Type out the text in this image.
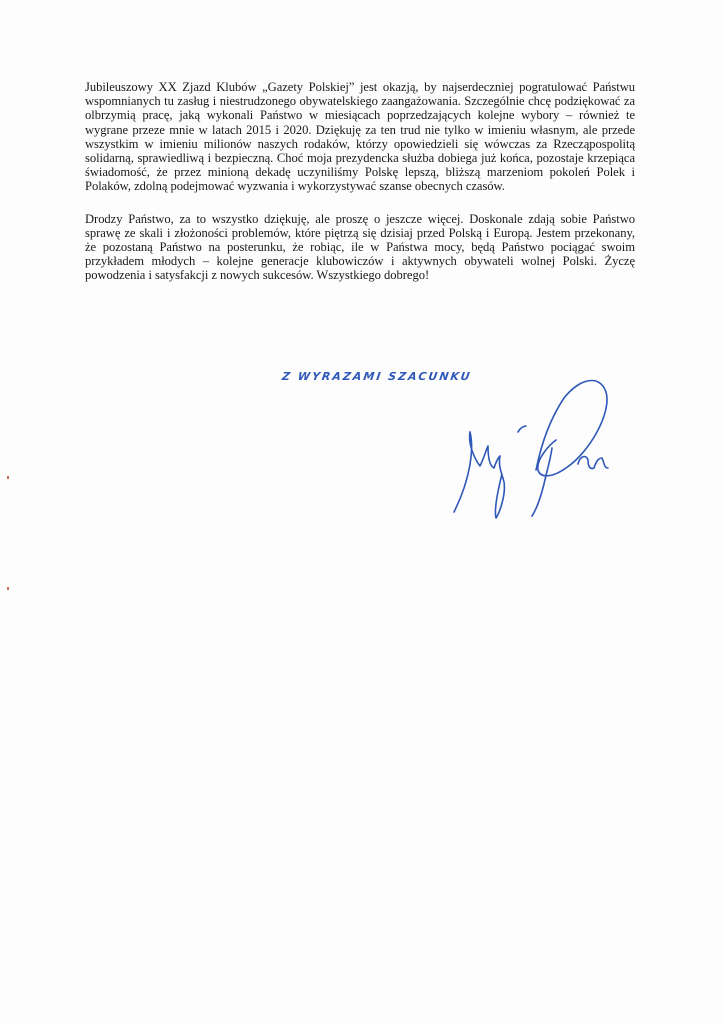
Jubileuszowy XX Zjazd Klubów „Gazety Polskiej” jest okazją, by najserdeczniej pogratulować Państwu wspomnianych tu zasług i niestrudzonego obywatelskiego zaangażowania. Szczególnie chcę podziękować za olbrzymią pracę, jaką wykonali Państwo w miesiącach poprzedzających kolejne wybory – również te wygrane przeze mnie w latach 2015 i 2020. Dziękuję za ten trud nie tylko w imieniu własnym, ale przede wszystkim w imieniu milionów naszych rodaków, którzy opowiedzieli się wówczas za Rzecząpospolitą solidarną, sprawiedliwą i bezpieczną. Choć moja prezydencka służba dobiega już końca, pozostaje krzepiąca świadomość, że przez minioną dekadę uczyniliśmy Polskę lepszą, bliższą marzeniom pokoleń Polek i Polaków, zdolną podejmować wyzwania i wykorzystywać szanse obecnych czasów.

Drodzy Państwo, za to wszystko dziękuję, ale proszę o jeszcze więcej. Doskonale zdają sobie Państwo sprawę ze skali i złożoności problemów, które piętrzą się dzisiaj przed Polską i Europą. Jestem przekonany, że pozostaną Państwo na posterunku, że robiąc, ile w Państwa mocy, będą Państwo pociągać swoim przykładem młodych – kolejne generacje klubowiczów i aktywnych obywateli wolnej Polski. Życzę powodzenia i satysfakcji z nowych sukcesów. Wszystkiego dobrego!

Z WYRAZAMI SZACUNKU
